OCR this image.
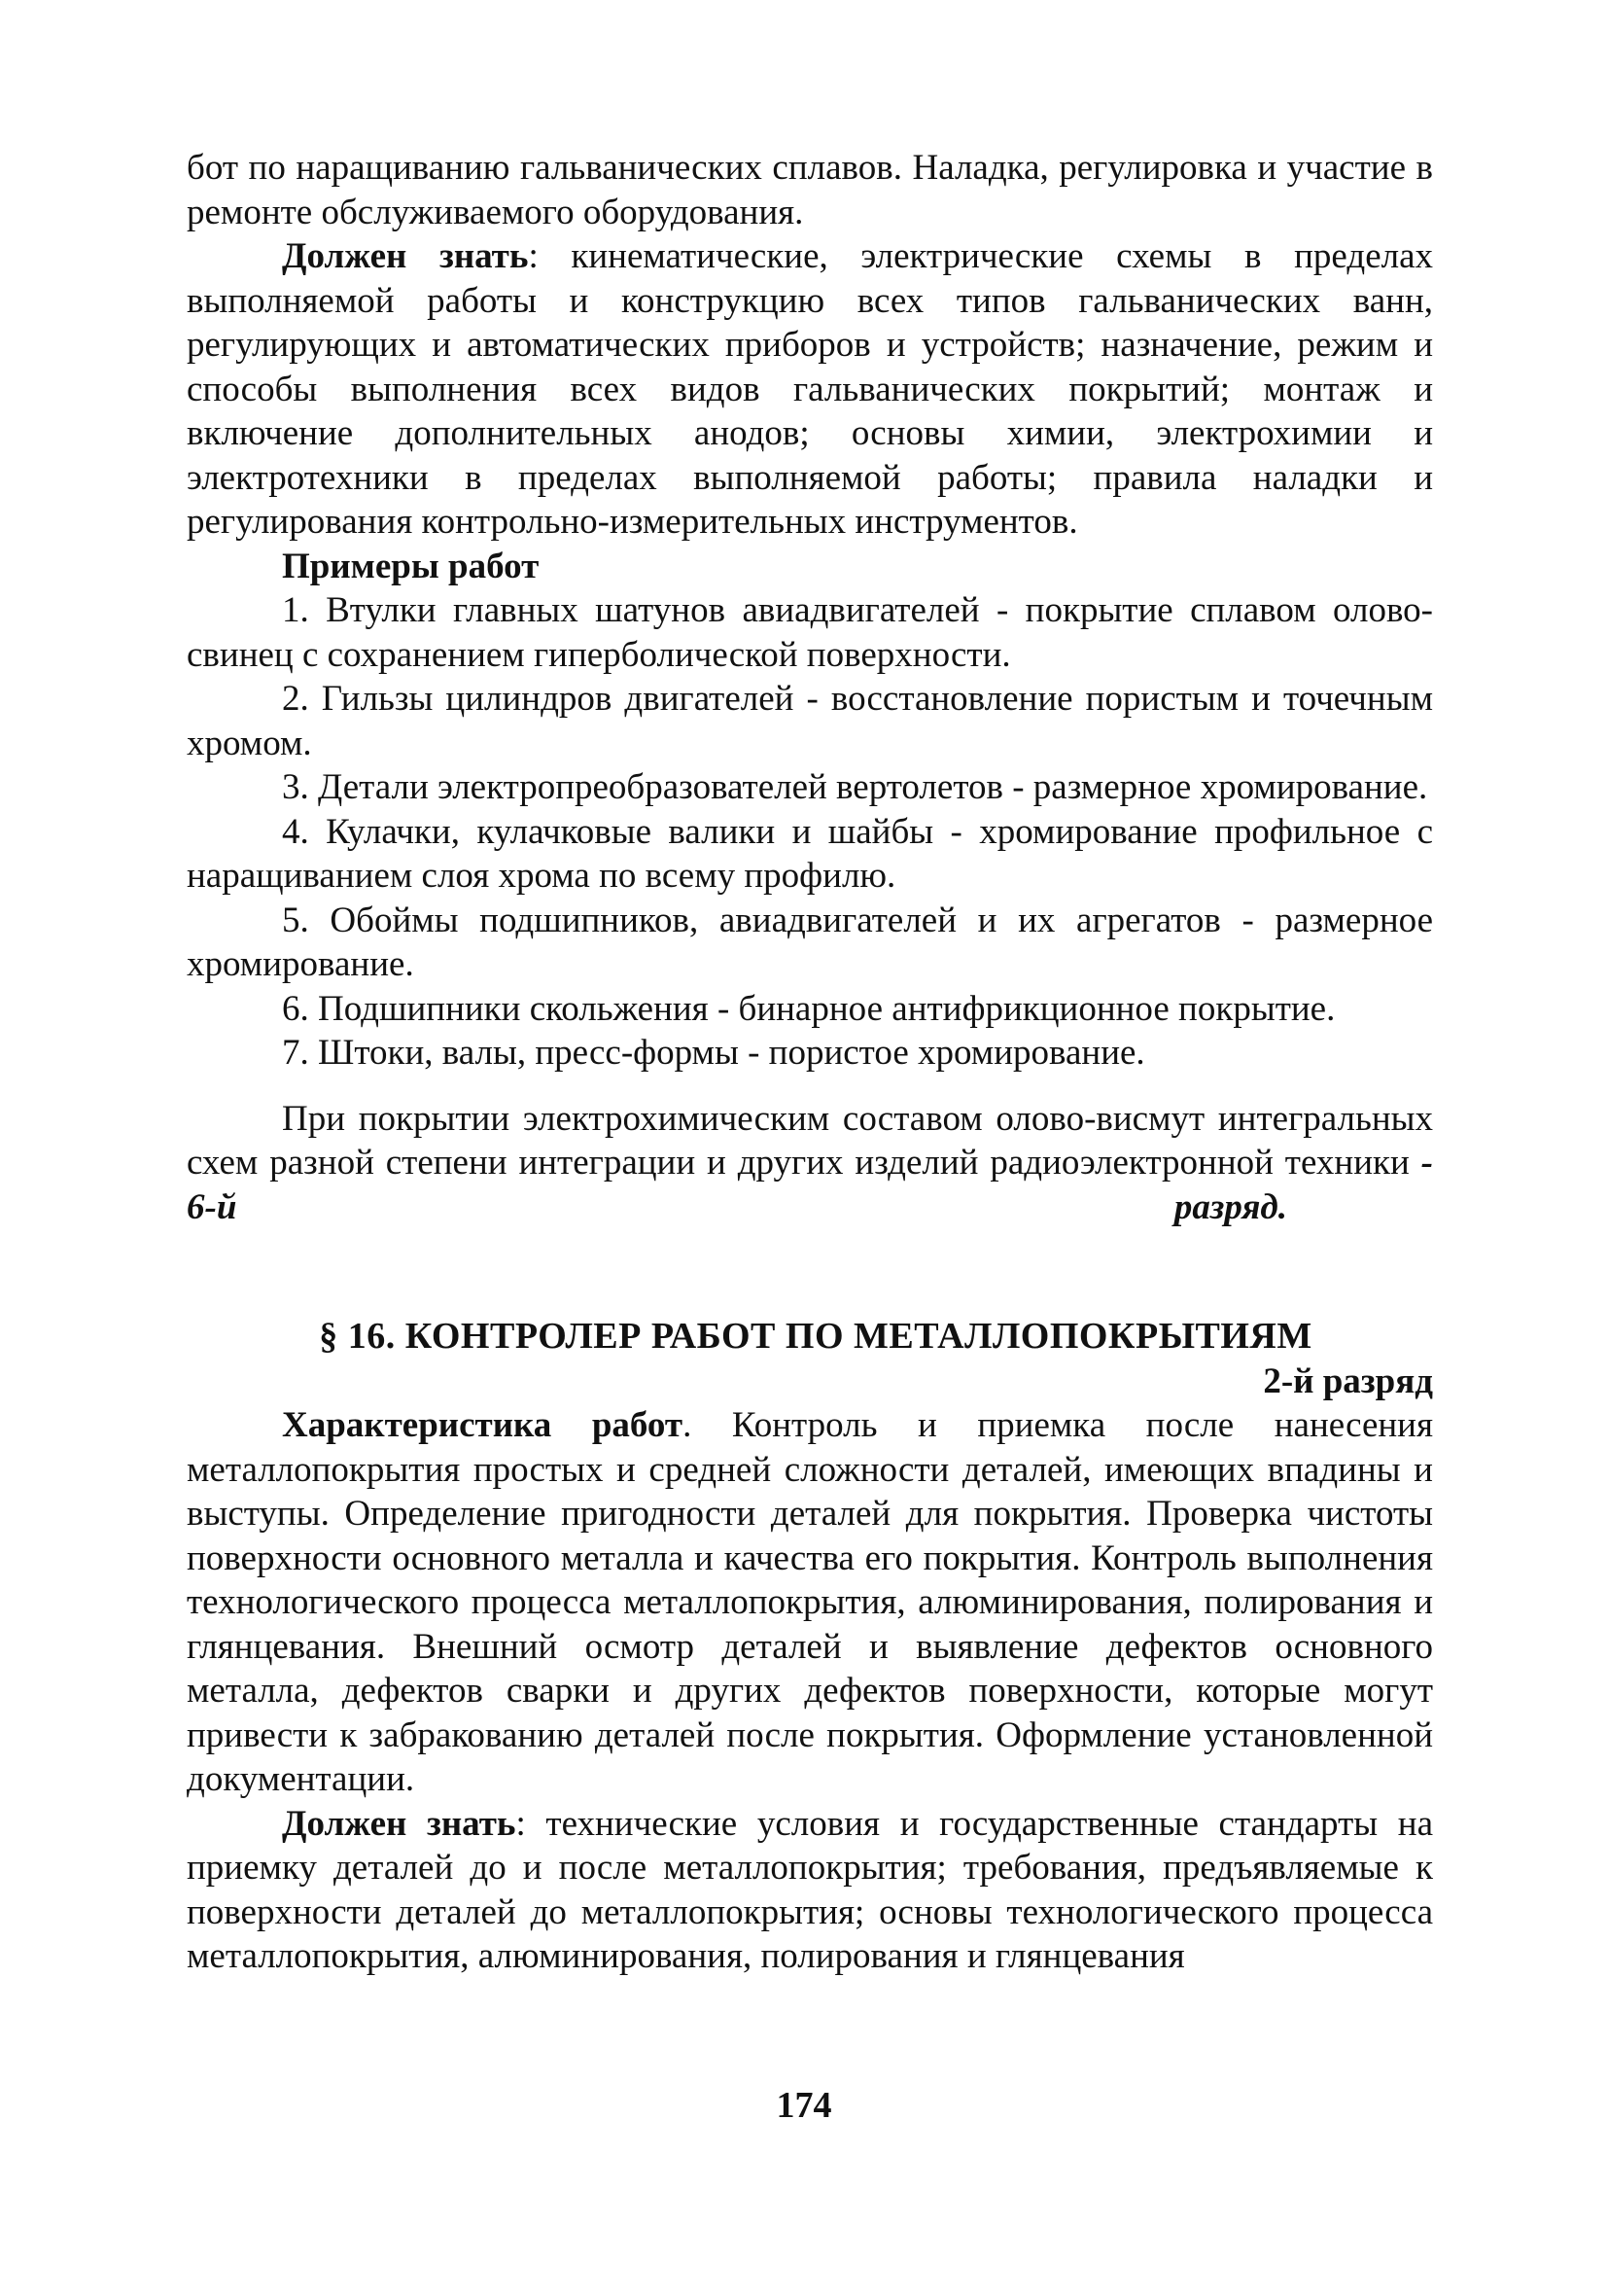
бот по наращиванию гальванических сплавов. Наладка, регулировка и участие в ремонте обслуживаемого оборудования.

Должен знать: кинематические, электрические схемы в пределах выполняемой работы и конструкцию всех типов гальванических ванн, регулирующих и автоматических приборов и устройств; назначение, режим и способы выполнения всех видов гальванических покрытий; монтаж и включение дополнительных анодов; основы химии, электрохимии и электротехники в пределах выполняемой работы; правила наладки и регулирования контрольно-измерительных инструментов.

Примеры работ

1. Втулки главных шатунов авиадвигателей - покрытие сплавом олово-свинец с сохранением гиперболической поверхности.

2. Гильзы цилиндров двигателей - восстановление пористым и точечным хромом.

3. Детали электропреобразователей вертолетов - размерное хромирование.

4. Кулачки, кулачковые валики и шайбы - хромирование профильное с наращиванием слоя хрома по всему профилю.

5. Обоймы подшипников, авиадвигателей и их агрегатов - размерное хромирование.

6. Подшипники скольжения - бинарное антифрикционное покрытие.

7. Штоки, валы, пресс-формы - пористое хромирование.

При покрытии электрохимическим составом олово-висмут интегральных схем разной степени интеграции и других изделий радиоэлектронной техники - 6-й разряд.

§ 16. КОНТРОЛЕР РАБОТ ПО МЕТАЛЛОПОКРЫТИЯМ

2-й разряд

Характеристика работ. Контроль и приемка после нанесения металлопокрытия простых и средней сложности деталей, имеющих впадины и выступы. Определение пригодности деталей для покрытия. Проверка чистоты поверхности основного металла и качества его покрытия. Контроль выполнения технологического процесса металлопокрытия, алюминирования, полирования и глянцевания. Внешний осмотр деталей и выявление дефектов основного металла, дефектов сварки и других дефектов поверхности, которые могут привести к забракованию деталей после покрытия. Оформление установленной документации.

Должен знать: технические условия и государственные стандарты на приемку деталей до и после металлопокрытия; требования, предъявляемые к поверхности деталей до металлопокрытия; основы технологического процесса металлопокрытия, алюминирования, полирования и глянцевания

174
